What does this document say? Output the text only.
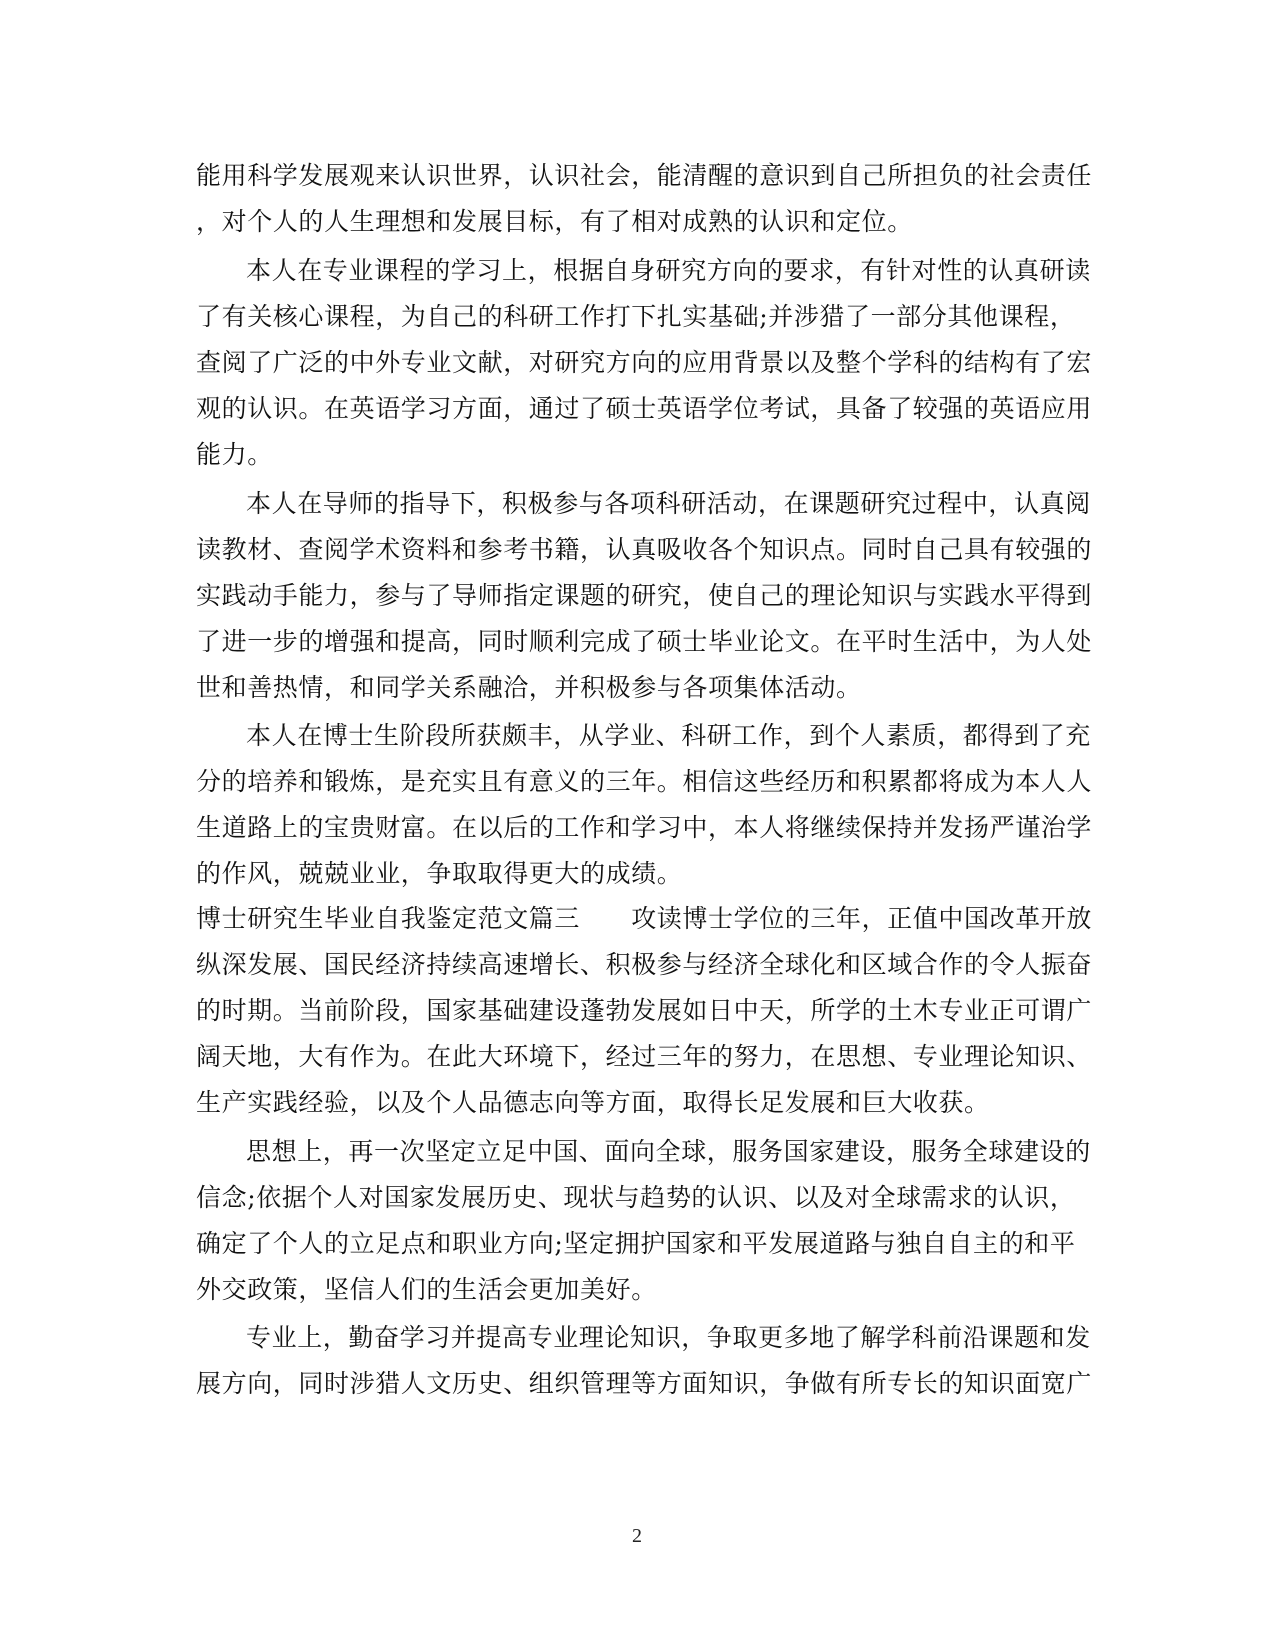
能用科学发展观来认识世界，认识社会，能清醒的意识到自己所担负的社会责任
，对个人的人生理想和发展目标，有了相对成熟的认识和定位。
本人在专业课程的学习上，根据自身研究方向的要求，有针对性的认真研读
了有关核心课程，为自己的科研工作打下扎实基础;并涉猎了一部分其他课程，
查阅了广泛的中外专业文献，对研究方向的应用背景以及整个学科的结构有了宏
观的认识。在英语学习方面，通过了硕士英语学位考试，具备了较强的英语应用
能力。
本人在导师的指导下，积极参与各项科研活动，在课题研究过程中，认真阅
读教材、查阅学术资料和参考书籍，认真吸收各个知识点。同时自己具有较强的
实践动手能力，参与了导师指定课题的研究，使自己的理论知识与实践水平得到
了进一步的增强和提高，同时顺利完成了硕士毕业论文。在平时生活中，为人处
世和善热情，和同学关系融洽，并积极参与各项集体活动。
本人在博士生阶段所获颇丰，从学业、科研工作，到个人素质，都得到了充
分的培养和锻炼，是充实且有意义的三年。相信这些经历和积累都将成为本人人
生道路上的宝贵财富。在以后的工作和学习中，本人将继续保持并发扬严谨治学
的作风，兢兢业业，争取取得更大的成绩。
博士研究生毕业自我鉴定范文篇三　　攻读博士学位的三年，正值中国改革开放
纵深发展、国民经济持续高速增长、积极参与经济全球化和区域合作的令人振奋
的时期。当前阶段，国家基础建设蓬勃发展如日中天，所学的土木专业正可谓广
阔天地，大有作为。在此大环境下，经过三年的努力，在思想、专业理论知识、
生产实践经验，以及个人品德志向等方面，取得长足发展和巨大收获。
思想上，再一次坚定立足中国、面向全球，服务国家建设，服务全球建设的
信念;依据个人对国家发展历史、现状与趋势的认识、以及对全球需求的认识，
确定了个人的立足点和职业方向;坚定拥护国家和平发展道路与独自自主的和平
外交政策，坚信人们的生活会更加美好。
专业上，勤奋学习并提高专业理论知识，争取更多地了解学科前沿课题和发
展方向，同时涉猎人文历史、组织管理等方面知识，争做有所专长的知识面宽广
2
